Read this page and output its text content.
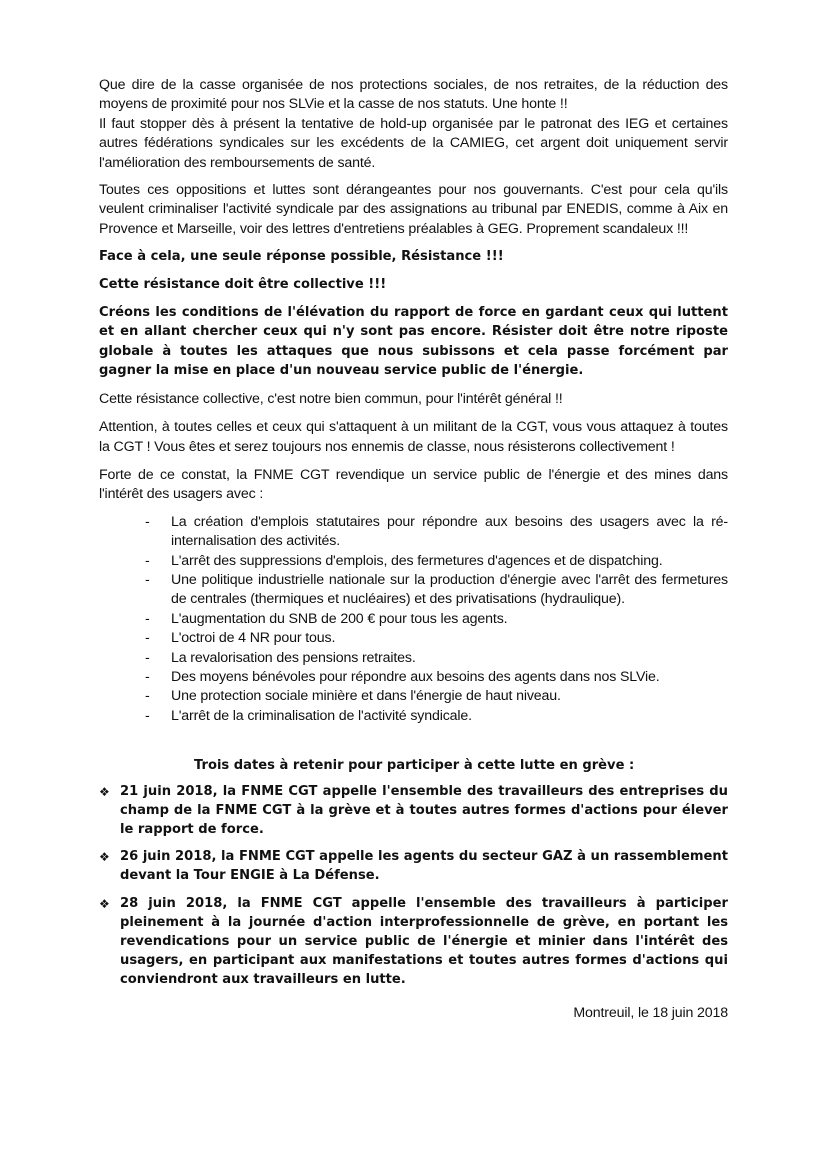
Que dire de la casse organisée de nos protections sociales, de nos retraites, de la réduction des moyens de proximité pour nos SLVie et la casse de nos statuts. Une honte !!

Il faut stopper dès à présent la tentative de hold-up organisée par le patronat des IEG et certaines autres fédérations syndicales sur les excédents de la CAMIEG, cet argent doit uniquement servir l'amélioration des remboursements de santé.

Toutes ces oppositions et luttes sont dérangeantes pour nos gouvernants. C'est pour cela qu'ils veulent criminaliser l'activité syndicale par des assignations au tribunal par ENEDIS, comme à Aix en Provence et Marseille, voir des lettres d'entretiens préalables à GEG. Proprement scandaleux !!!

Face à cela, une seule réponse possible, Résistance !!!

Cette résistance doit être collective !!!

Créons les conditions de l'élévation du rapport de force en gardant ceux qui luttent et en allant chercher ceux qui n'y sont pas encore. Résister doit être notre riposte globale à toutes les attaques que nous subissons et cela passe forcément par gagner la mise en place d'un nouveau service public de l'énergie.

Cette résistance collective, c'est notre bien commun, pour l'intérêt général !!

Attention, à toutes celles et ceux qui s'attaquent à un militant de la CGT, vous vous attaquez à toutes la CGT ! Vous êtes et serez toujours nos ennemis de classe, nous résisterons collectivement !

Forte de ce constat, la FNME CGT revendique un service public de l'énergie et des mines dans l'intérêt des usagers avec :

- La création d'emplois statutaires pour répondre aux besoins des usagers avec la ré-internalisation des activités.
- L'arrêt des suppressions d'emplois, des fermetures d'agences et de dispatching.
- Une politique industrielle nationale sur la production d'énergie avec l'arrêt des fermetures de centrales (thermiques et nucléaires) et des privatisations (hydraulique).
- L'augmentation du SNB de 200 € pour tous les agents.
- L'octroi de 4 NR pour tous.
- La revalorisation des pensions retraites.
- Des moyens bénévoles pour répondre aux besoins des agents dans nos SLVie.
- Une protection sociale minière et dans l'énergie de haut niveau.
- L'arrêt de la criminalisation de l'activité syndicale.

Trois dates à retenir pour participer à cette lutte en grève :

❖ 21 juin 2018, la FNME CGT appelle l'ensemble des travailleurs des entreprises du champ de la FNME CGT à la grève et à toutes autres formes d'actions pour élever le rapport de force.
❖ 26 juin 2018, la FNME CGT appelle les agents du secteur GAZ à un rassemblement devant la Tour ENGIE à La Défense.
❖ 28 juin 2018, la FNME CGT appelle l'ensemble des travailleurs à participer pleinement à la journée d'action interprofessionnelle de grève, en portant les revendications pour un service public de l'énergie et minier dans l'intérêt des usagers, en participant aux manifestations et toutes autres formes d'actions qui conviendront aux travailleurs en lutte.
Montreuil, le 18 juin 2018
